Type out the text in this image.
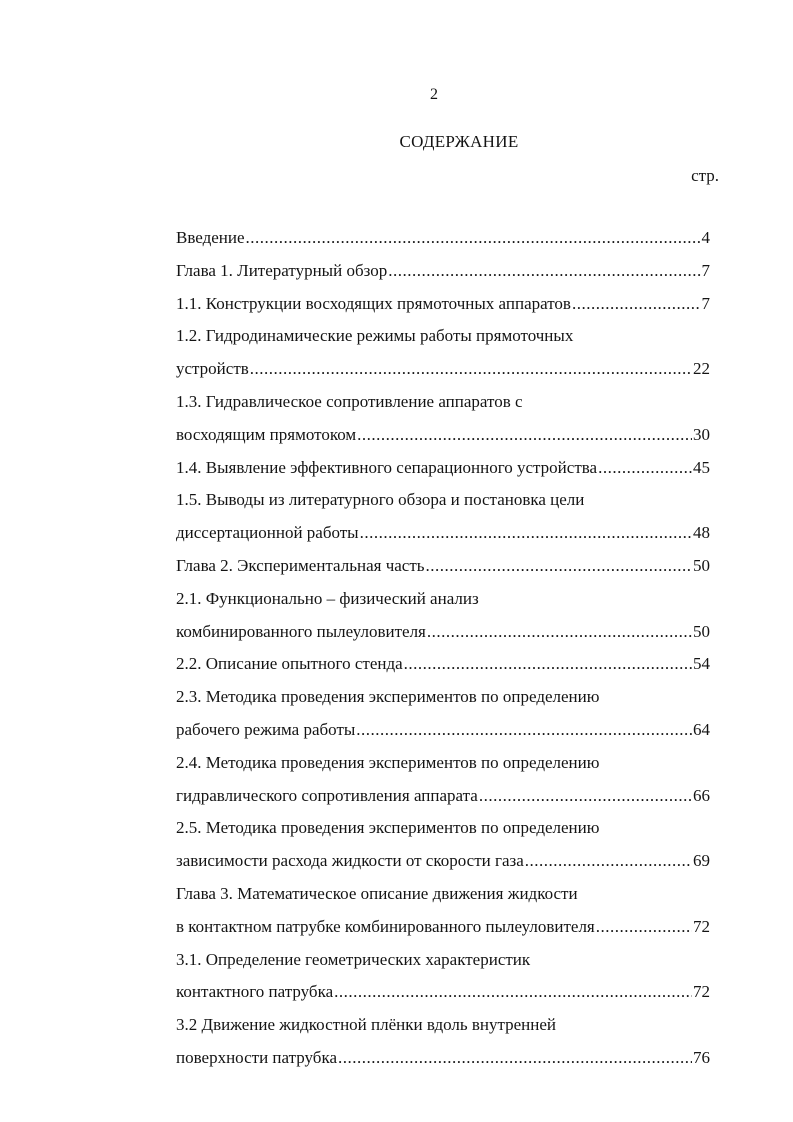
2
СОДЕРЖАНИЕ
стр.
Введение .....	4
Глава 1. Литературный обзор .....	7
1.1. Конструкции восходящих прямоточных аппаратов .....	7
1.2. Гидродинамические режимы работы прямоточных
устройств .....	22
1.3. Гидравлическое сопротивление аппаратов с
восходящим прямотоком .....	30
1.4. Выявление эффективного сепарационного устройства .....	45
1.5. Выводы из литературного обзора и постановка цели
диссертационной работы .....	48
Глава 2. Экспериментальная часть .....	50
2.1. Функционально – физический анализ
комбинированного пылеуловителя .....	50
2.2. Описание опытного стенда .....	54
2.3. Методика проведения экспериментов по определению
рабочего режима работы .....	64
2.4. Методика проведения экспериментов по определению
гидравлического сопротивления аппарата .....	66
2.5. Методика проведения экспериментов по определению
зависимости расхода жидкости от скорости газа .....	69
Глава 3. Математическое описание движения жидкости
в контактном патрубке комбинированного пылеуловителя .....	72
3.1. Определение геометрических характеристик
контактного патрубка .....	72
3.2 Движение жидкостной плёнки вдоль внутренней
поверхности патрубка .....	76
